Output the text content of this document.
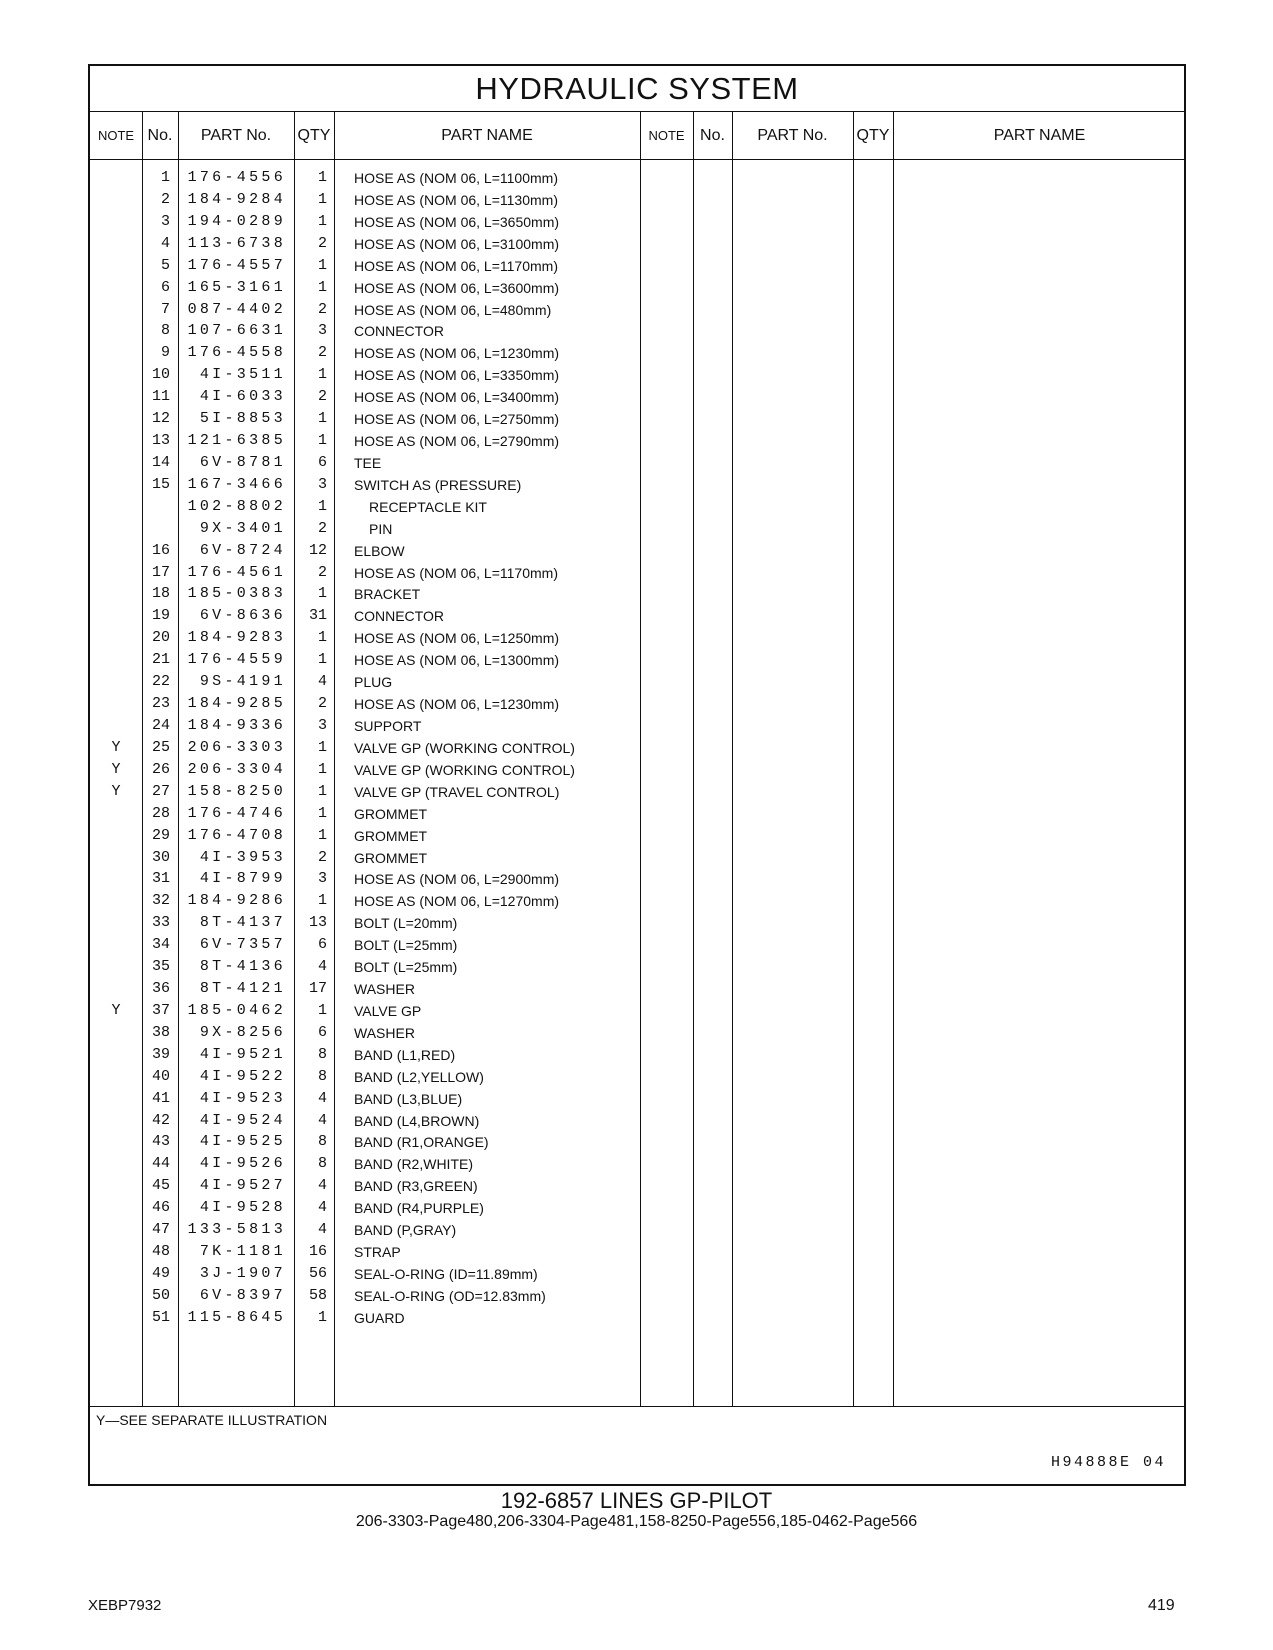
HYDRAULIC SYSTEM
NOTE No.	PART No.	QTY	PART NAME	NOTE No.	PART No.	QTY	PART NAME
1	176-4556	1 HOSE AS (NOM 06, L=1100mm)
2	184-9284	1 HOSE AS (NOM 06, L=1130mm)
3	194-0289	1 HOSE AS (NOM 06, L=3650mm)
4	113-6738	2 HOSE AS (NOM 06, L=3100mm)
5	176-4557	1 HOSE AS (NOM 06, L=1170mm)
6	165-3161	1 HOSE AS (NOM 06, L=3600mm)
7	087-4402	2 HOSE AS (NOM 06, L=480mm)
8	107-6631	3 CONNECTOR
9	176-4558	2 HOSE AS (NOM 06, L=1230mm)
10	4I-3511	1 HOSE AS (NOM 06, L=3350mm)
11	4I-6033	2 HOSE AS (NOM 06, L=3400mm)
12	5I-8853	1 HOSE AS (NOM 06, L=2750mm)
13	121-6385	1 HOSE AS (NOM 06, L=2790mm)
14	6V-8781	6 TEE
15	167-3466	3 SWITCH AS (PRESSURE)
102-8802	1	RECEPTACLE KIT
9X-3401	2	PIN
16	6V-8724	12 ELBOW
17	176-4561	2 HOSE AS (NOM 06, L=1170mm)
18	185-0383	1 BRACKET
19	6V-8636	31 CONNECTOR
20	184-9283	1 HOSE AS (NOM 06, L=1250mm)
21	176-4559	1 HOSE AS (NOM 06, L=1300mm)
22	9S-4191	4 PLUG
23	184-9285	2 HOSE AS (NOM 06, L=1230mm)
24	184-9336	3 SUPPORT
Y	25	206-3303	1 VALVE GP (WORKING CONTROL)
Y	26	206-3304	1 VALVE GP (WORKING CONTROL)
Y	27	158-8250	1 VALVE GP (TRAVEL CONTROL)
28	176-4746	1 GROMMET
29	176-4708	1 GROMMET
30	4I-3953	2 GROMMET
31	4I-8799	3 HOSE AS (NOM 06, L=2900mm)
32	184-9286	1 HOSE AS (NOM 06, L=1270mm)
33	8T-4137	13 BOLT (L=20mm)
34	6V-7357	6 BOLT (L=25mm)
35	8T-4136	4 BOLT (L=25mm)
36	8T-4121	17 WASHER
Y	37	185-0462	1 VALVE GP
38	9X-8256	6 WASHER
39	4I-9521	8 BAND (L1,RED)
40	4I-9522	8 BAND (L2,YELLOW)
41	4I-9523	4 BAND (L3,BLUE)
42	4I-9524	4 BAND (L4,BROWN)
43	4I-9525	8 BAND (R1,ORANGE)
44	4I-9526	8 BAND (R2,WHITE)
45	4I-9527	4 BAND (R3,GREEN)
46	4I-9528	4 BAND (R4,PURPLE)
47	133-5813	4 BAND (P,GRAY)
48	7K-1181	16 STRAP
49	3J-1907	56 SEAL-O-RING (ID=11.89mm)
50	6V-8397	58 SEAL-O-RING (OD=12.83mm)
51	115-8645	1 GUARD
Y—SEE SEPARATE ILLUSTRATION
H94888E 04
192-6857 LINES GP-PILOT
206-3303-Page480,206-3304-Page481,158-8250-Page556,185-0462-Page566
XEBP7932	419
